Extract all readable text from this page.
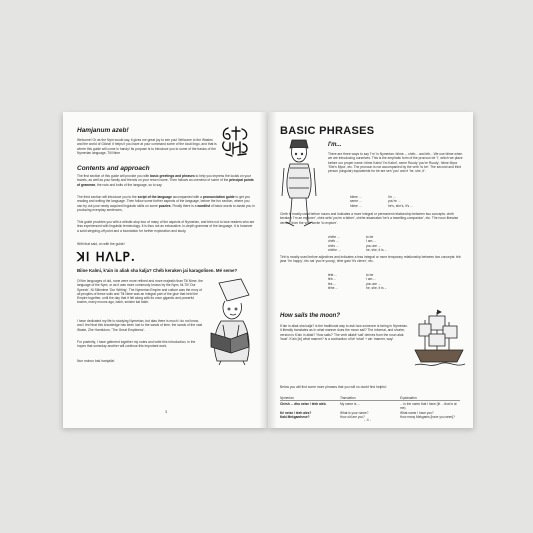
Hamjanum azeb!

Welcome! Or as the Nym would say, it gives me great joy to see you! Welcome to the Wastes and the world of Glória! It helps if you have at your command some of the local lingo, and that is where this guide will come in handy! Its purpose is to introduce you to some of the basics of the Nymerian language, Tiil Nime

Contents and approach

The first section of this guide will provide you with basic greetings and phrases to help you impress the locals on your travels, as well as your family and friends on your return home. Then follows an overview of some of the principal points of grammar, the nuts and bolts of the language, so to say.

The third section will introduce you to the script of the language accompanied with a pronunciation guide to get you reading and writing the language. Then follow some further aspects of the language, before the fun section, where you can try out your newly acquired linguistic skills on some puzzles. Finally there is a wordlist of basic words to assist you in producing everyday sentences.

This guide provides you with a whistle-stop tour of many of the aspects of Nymerian, and tries not to lose readers who are less experienced with linguistic terminology. It is thus not an exhaustive, in-depth grammar of the language. It is however a solid stepping-off point and a foundation for further exploration and study.

With that said, on with the guide!

ꓘꓲ ꓧꓥꓡꓑ.
Biine Kalmi, k'ain in aliak sha kalja? Chéb keraken jai karagolisen. Mé seme?

Of the languages of old, none were more refined and more majestic than Tiil Nime, the language of the Nym, or as it was more commonly known by the Nym, Ni-Tiil 'Our Speech', Ni Sillentme 'Our Writing'. The Nymerian Empire and culture was the envy of all peoples of these soils and Tiil Nime was an integral part of the glue that held the Empire together, until the day that it fell along with its once gigantic and powerful towers, many moons ago, bakh, smisim kal bakh.

I have dedicated my life to studying Nymerian, but alas there is much I do not know, and I feel that this knowledge has been lost to the sands of time, the sands of the vast Waste, Zhe Hamfulum, 'The Great Emptiness'.

For posterity, I have gathered together my notes and write this introduction, in the hopes that someday another will continue this important work.

Nue mohun bak hamjaila!

3
BASIC PHRASES
I'm...

There are three ways to say 'I'm' in Nymerian: biime..., chéb... and téb... We use biime when we are introducing ourselves. This is the emphatic form of the pronoun bé 'I', which we place before our proper name: biime Kalmi 'I'm Kalmi', seme Ruudy 'you're Ruudy', hiime Myra 'She's Myra', etc. The pronoun is not accompanied by the verb 'to be'. The second and third person (singular) equivalents for bé are sen 'you' and é 'he, she, it'.

biime ...	I'm ...
seme ...	you're ...
hiime ...	he's, she's, it's ...

Chéb is mostly used before nouns and indicates a more integral or permanent relationship between two concepts: chéb keraken 'I'm an explorer', chés sefa 'you're a father', chéhe aisamatan 'he's a travelling-companion', etc. The noun likewise derives from the verb keräe 'to explore'.

chéte ...	to be
chéb ...	I am ...
chés ...	you are ...
chéhe ...	he, she, it is ...

Téb is mostly used before adjectives and indicates a less integral or more temporary relationship between two concepts: téb jana 'I'm happy', tés nai 'you're young', téhe gatu 'it's clever', etc.

téte ...	to be
téb ...	I am ...
tés ...	you are ...
téhe ...	he, she, it is ...
How sails the moon?

K'ain in aliak sha kalja? is the traditional way to ask how someone is faring in Nymerian. It literally translates as In what manner does the moon sail? The informal, and shorter, version is K'ain in aliak? 'How sails?' The verb aliakë 'sail' derives from the noun alak 'boat'. K'ain [in] what manner? is a contraction of kë 'what' + ain 'manner, way'.

Below you will find some more phrases that you will no doubt find helpful:

Nymerian	Translation	Explanation
Chésh ... dhu neise / téeh aleb.	My name is ...	... is the name that I have (lit. ...that is at me).
Ké neise / téeh ales?	What is your name?	What name I have you?
Kaki Mekgamhese?	How old are you?	How many Mekgams [have you seen]?
- 4 -
